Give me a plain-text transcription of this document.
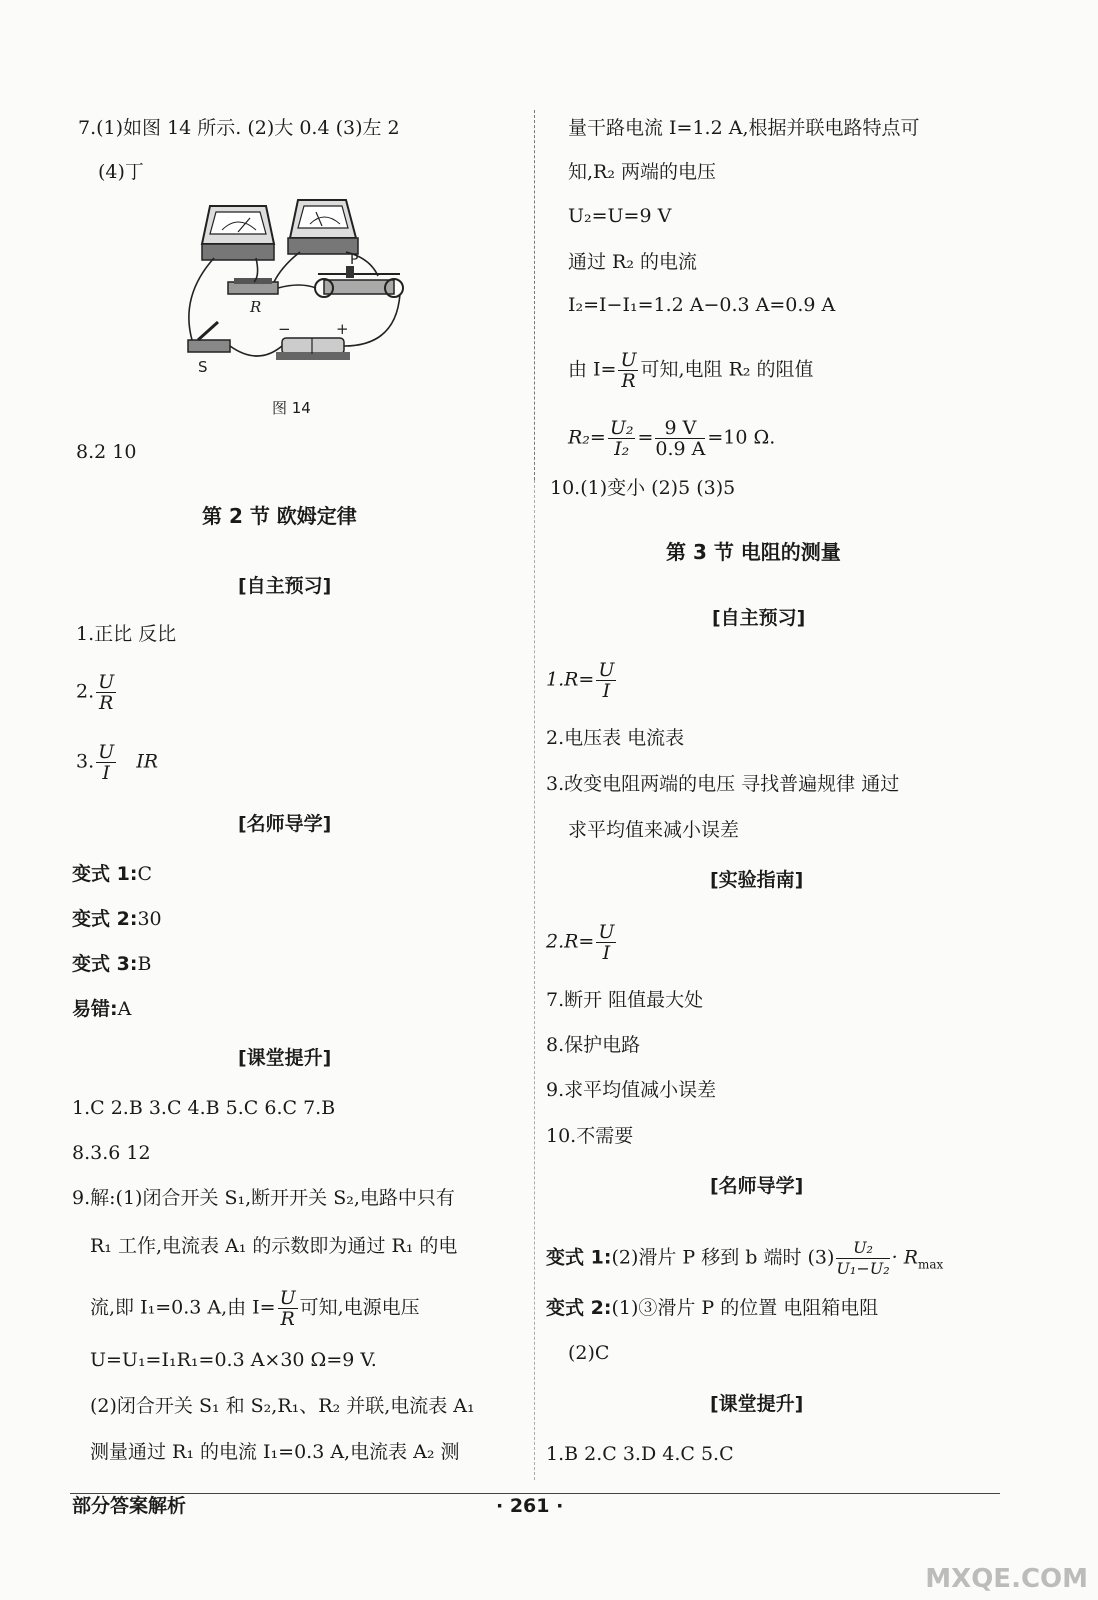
7.(1)如图 14 所示. (2)大 0.4 (3)左 2
(4)丁
R
P
S
−	+
图 14
8.2 10
第 2 节 欧姆定律
[自主预习]
1.正比 反比
2. $\frac{U}{R}$
3. $\frac{U}{I}$ IR
[名师导学]
变式 1:C
变式 2:30
变式 3:B
易错:A
[课堂提升]
1.C 2.B 3.C 4.B 5.C 6.C 7.B
8.3.6 12
9.解:(1)闭合开关 S₁,断开开关 S₂,电路中只有
R₁ 工作,电流表 A₁ 的示数即为通过 R₁ 的电
流,即 I₁=0.3 A,由 $I= \frac{U}{R}$ 可知,电源电压
U=U₁=I₁R₁=0.3 A×30 Ω=9 V.
(2)闭合开关 S₁ 和 S₂,R₁、R₂ 并联,电流表 A₁
测量通过 R₁ 的电流 I₁=0.3 A,电流表 A₂ 测
量干路电流 I=1.2 A,根据并联电路特点可
知,R₂ 两端的电压
U₂=U=9 V
通过 R₂ 的电流
I₂=I−I₁=1.2 A−0.3 A=0.9 A
由 $I= \frac{U}{R}$ 可知,电阻 R₂ 的阻值
$R_2= \frac{\text{U₂}}{\text{I₂}} = \frac{9 V}{0.9 A} =10$ Ω.
10.(1)变小 (2)5 (3)5
第 3 节 电阻的测量
[自主预习]
$1.R= \frac{U}{I}$
2.电压表 电流表
3.改变电阻两端的电压 寻找普遍规律 通过
求平均值来减小误差
[实验指南]
$2.R= \frac{U}{I}$
7.断开 阻值最大处
8.保护电路
9.求平均值减小误差
10.不需要
[名师导学]
变式 1:(2)滑片 P 移到 b 端时 $(3) \frac{\text{U₂}}{\text{U₁−U₂}} \cdot R_{max}$
变式 2:(1)③滑片 P 的位置 电阻箱电阻
(2)C
[课堂提升]
1.B 2.C 3.D 4.C 5.C
部分答案解析	· 261 ·
MXQE.COM
